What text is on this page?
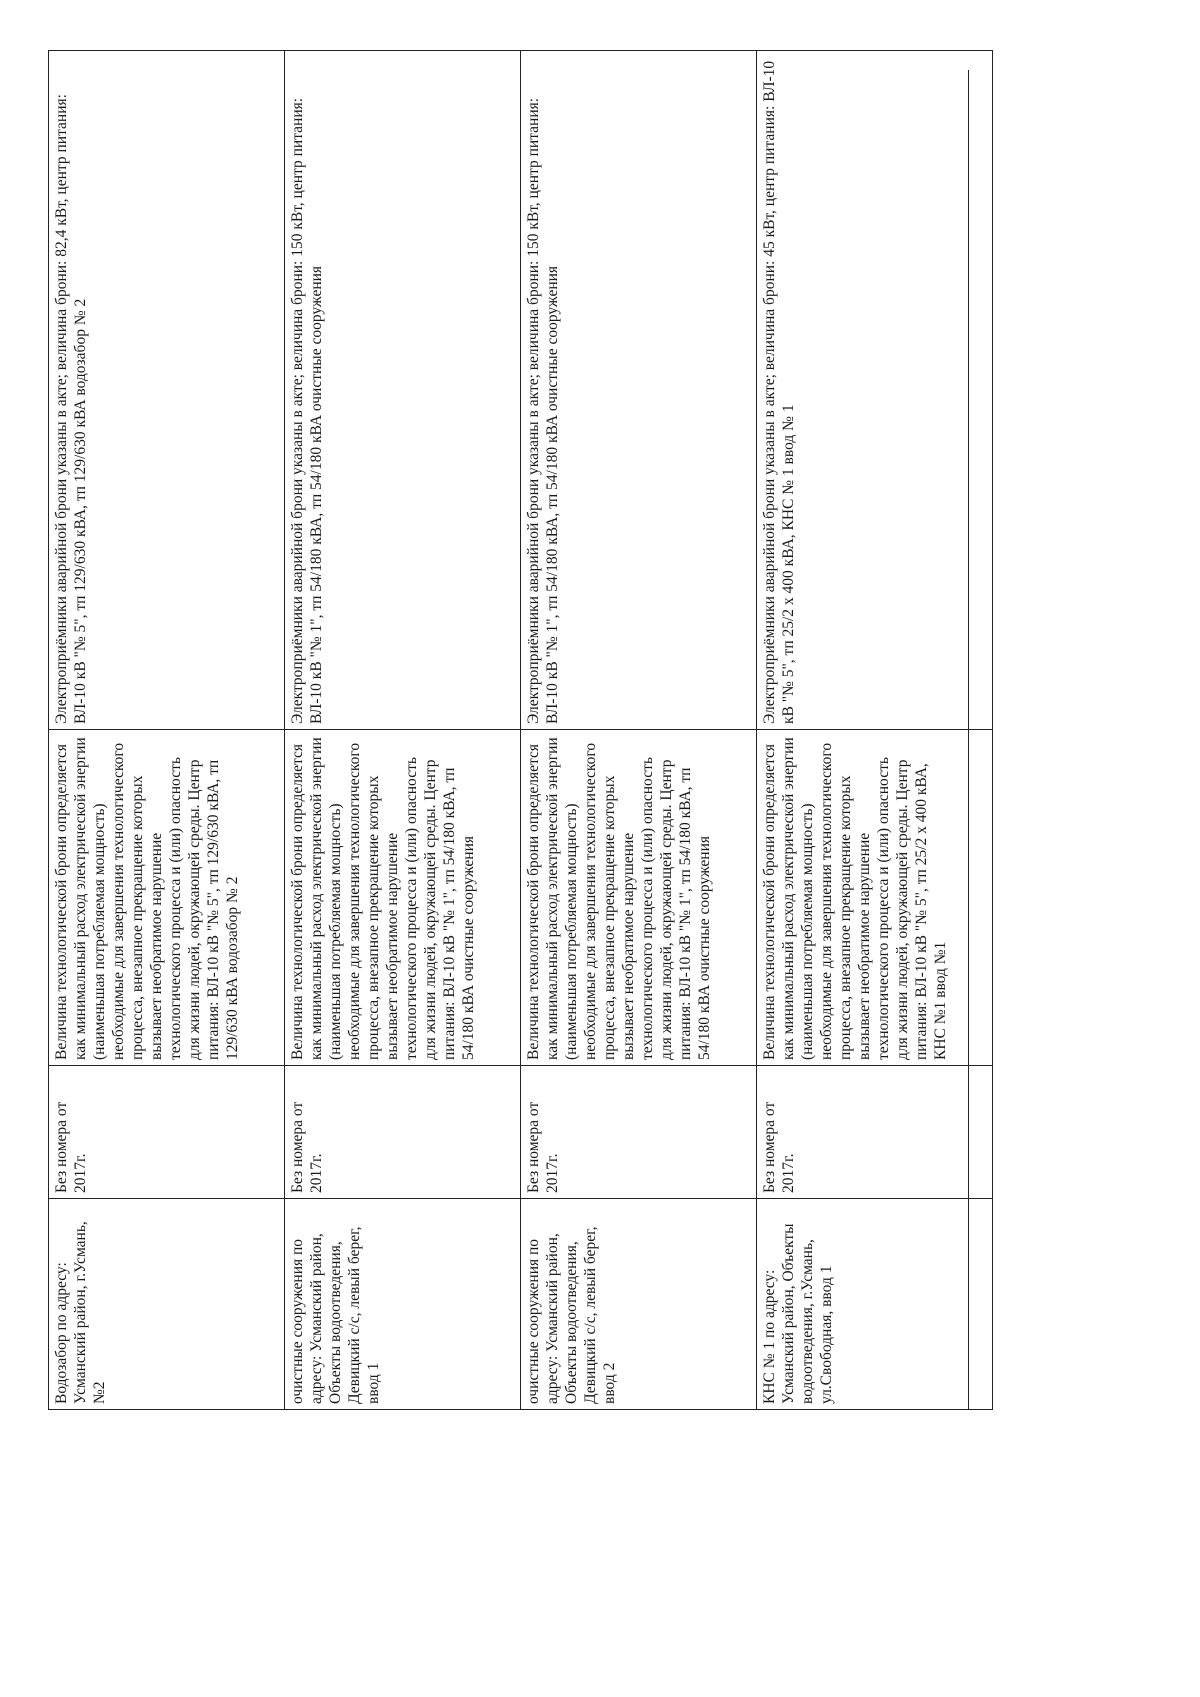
Водозабор по адресу: Усманский район, г.Усмань, №2	Без номера от 2017г.	Величина технологической брони определяется как минимальный расход электрической энергии (наименьшая потребляемая мощность) необходимые для завершения технологического процесса, внезапное прекращение которых вызывает необратимое нарушение технологического процесса и (или) опасность для жизни людей, окружающей среды. Центр питания: ВЛ-10 кВ "№ 5", тп 129/630 кВА, тп 129/630 кВА водозабор № 2	Электроприёмники аварийной брони указаны в акте; величина брони: 82,4 кВт, центр питания: ВЛ-10 кВ "№ 5", тп 129/630 кВА, тп 129/630 кВА водозабор № 2
очистные сооружения по адресу: Усманский район, Объекты водоотведения, Девицкий с/с, левый берег, ввод 1	Без номера от 2017г.	Величина технологической брони определяется как минимальный расход электрической энергии (наименьшая потребляемая мощность) необходимые для завершения технологического процесса, внезапное прекращение которых вызывает необратимое нарушение технологического процесса и (или) опасность для жизни людей, окружающей среды. Центр питания: ВЛ-10 кВ "№ 1", тп 54/180 кВА, тп 54/180 кВА очистные сооружения	Электроприёмники аварийной брони указаны в акте; величина брони: 150 кВт, центр питания: ВЛ-10 кВ "№ 1", тп 54/180 кВА, тп 54/180 кВА очистные сооружения
очистные сооружения по адресу: Усманский район, Объекты водоотведения, Девицкий с/с, левый берег, ввод 2	Без номера от 2017г.	Величина технологической брони определяется как минимальный расход электрической энергии (наименьшая потребляемая мощность) необходимые для завершения технологического процесса, внезапное прекращение которых вызывает необратимое нарушение технологического процесса и (или) опасность для жизни людей, окружающей среды. Центр питания: ВЛ-10 кВ "№ 1", тп 54/180 кВА, тп 54/180 кВА очистные сооружения	Электроприёмники аварийной брони указаны в акте; величина брони: 150 кВт, центр питания: ВЛ-10 кВ "№ 1", тп 54/180 кВА, тп 54/180 кВА очистные сооружения
КНС № 1 по адресу: Усманский район, Объекты водоотведения, г.Усмань, ул.Свободная, ввод 1	Без номера от 2017г.	Величина технологической брони определяется как минимальный расход электрической энергии (наименьшая потребляемая мощность) необходимые для завершения технологического процесса, внезапное прекращение которых вызывает необратимое нарушение технологического процесса и (или) опасность для жизни людей, окружающей среды. Центр питания: ВЛ-10 кВ "№ 5", тп 25/2 х 400 кВА, КНС №1 ввод №1	Электроприёмники аварийной брони указаны в акте; величина брони: 45 кВт, центр питания: ВЛ-10 кВ "№ 5", тп 25/2 х 400 кВА, КНС № 1 ввод № 1
